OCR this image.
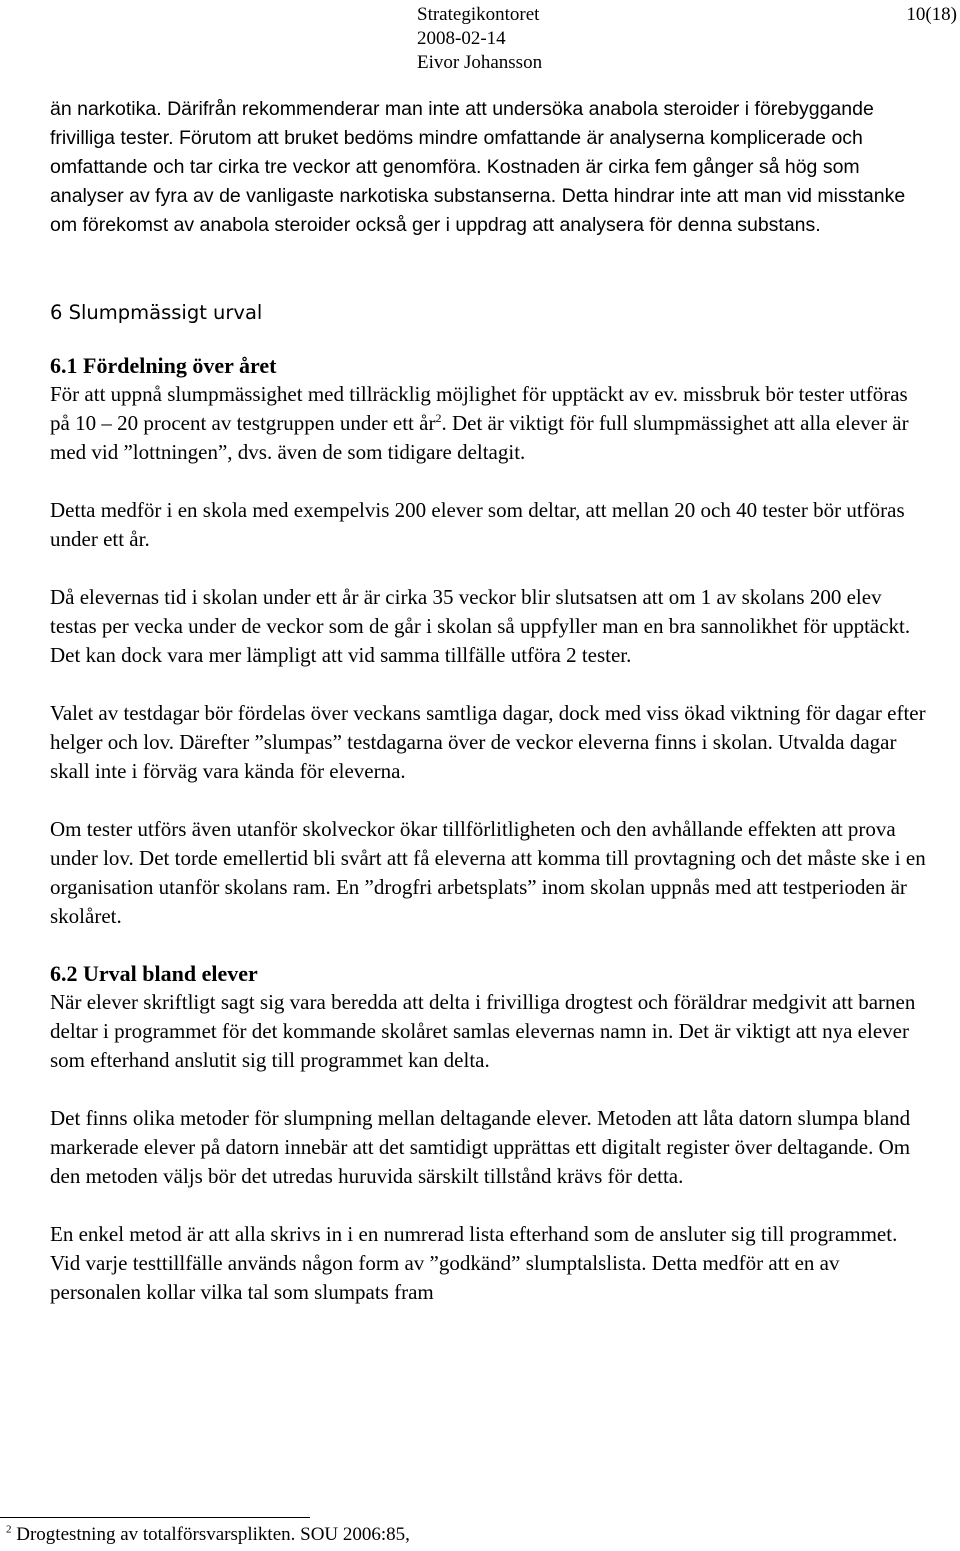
Strategikontoret
2008-02-14
Eivor Johansson
10(18)

än narkotika. Därifrån rekommenderar man inte att undersöka anabola steroider i förebyggande frivilliga tester. Förutom att bruket bedöms mindre omfattande är analyserna komplicerade och omfattande och tar cirka tre veckor att genomföra. Kostnaden är cirka fem gånger så hög som analyser av fyra av de vanligaste narkotiska substanserna. Detta hindrar inte att man vid misstanke om förekomst av anabola steroider också ger i uppdrag att analysera för denna substans.

6 Slumpmässigt urval
6.1 Fördelning över året

För att uppnå slumpmässighet med tillräcklig möjlighet för upptäckt av ev. missbruk bör tester utföras på 10 – 20 procent av testgruppen under ett $år^2$. Det är viktigt för full slumpmässighet att alla elever är med vid ”lottningen”, dvs. även de som tidigare deltagit.

Detta medför i en skola med exempelvis 200 elever som deltar, att mellan 20 och 40 tester bör utföras under ett år.

Då elevernas tid i skolan under ett år är cirka 35 veckor blir slutsatsen att om 1 av skolans 200 elev testas per vecka under de veckor som de går i skolan så uppfyller man en bra sannolikhet för upptäckt. Det kan dock vara mer lämpligt att vid samma tillfälle utföra 2 tester.

Valet av testdagar bör fördelas över veckans samtliga dagar, dock med viss ökad viktning för dagar efter helger och lov. Därefter ”slumpas” testdagarna över de veckor eleverna finns i skolan. Utvalda dagar skall inte i förväg vara kända för eleverna.

Om tester utförs även utanför skolveckor ökar tillförlitligheten och den avhållande effekten att prova under lov. Det torde emellertid bli svårt att få eleverna att komma till provtagning och det måste ske i en organisation utanför skolans ram. En ”drogfri arbetsplats” inom skolan uppnås med att testperioden är skolåret.

6.2 Urval bland elever

När elever skriftligt sagt sig vara beredda att delta i frivilliga drogtest och föräldrar medgivit att barnen deltar i programmet för det kommande skolåret samlas elevernas namn in. Det är viktigt att nya elever som efterhand anslutit sig till programmet kan delta.

Det finns olika metoder för slumpning mellan deltagande elever. Metoden att låta datorn slumpa bland markerade elever på datorn innebär att det samtidigt upprättas ett digitalt register över deltagande. Om den metoden väljs bör det utredas huruvida särskilt tillstånd krävs för detta.

En enkel metod är att alla skrivs in i en numrerad lista efterhand som de ansluter sig till programmet. Vid varje testtillfälle används någon form av ”godkänd” slumptalslista. Detta medför att en av personalen kollar vilka tal som slumpats fram

$^2$ Drogtestning av totalförsvarsplikten. SOU 2006:85,
